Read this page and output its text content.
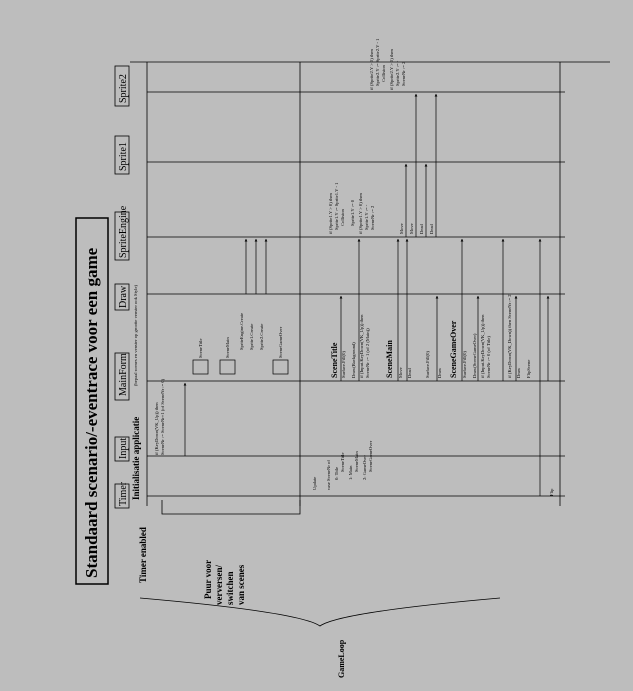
Standaard scenario/-eventrace voor een game Timer
Input
MainForm
Draw
SpriteEngine
Sprite1
Sprite2
Timer enabled
Initialisatie applicatie
(bepaal scenes en venster op grootte venster ook Style)	SceneTitle	SceneMain	SceneGameOver
Puur voor verversen/ switchen van scenes
GameLoop
if (KeyDown(VK_Up)) then SceneNr := SceneNr+1 (of SceneNr := 0)
SceneTitle	SceneMain	SceneGameOver
SpriteEngine.Create Sprite1.Create Sprite2.Create
Update case SceneNr of 0: Title
SceneTitle
1: Main
SceneMain 2: GameOver SceneGameOver
Surface.Fill(0) Draw(Background) if (Input.KeyDown(VK_Up)) then SceneNr := 1 (of 2 (Main))	Move Dead	Surface.Fill(0) Draw	Surface.Fill(0) Draw(SceneGameOver) if (Input.KeyDown(VK_Up)) then SceneNr := 0 (of Title)	if (KeyDown(VK_Down)) then SceneNr := 2 Draw FlipScene
Flip
Move Move Dead Dead
if (Sprite1.Y > 0) then Sprite1.Y := Sprite1.Y - 1 Collision Sprite1.Y := 0 if (Sprite1.Y > 0) then Sprite1.Y := - SceneNr := 2
if (Sprite2.Y > 0) then Sprite2.Y := Sprite2.Y - 1 Collision if (Sprite2.Y > 0) then Sprite2.Y := - SceneNr := 2
